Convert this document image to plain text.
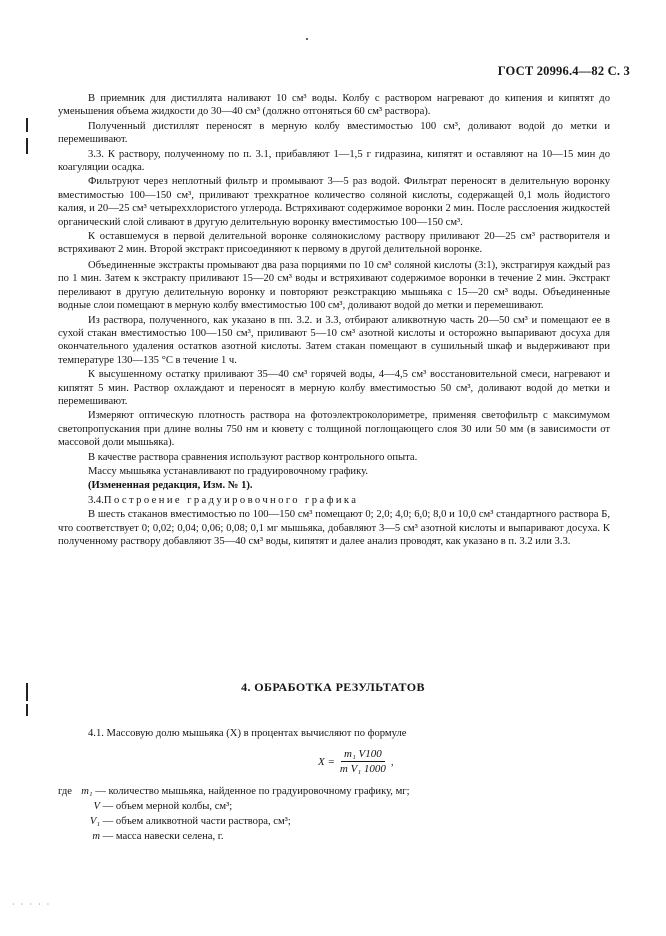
ГОСТ 20996.4—82 С. 3

В приемник для дистиллята наливают 10 см³ воды. Колбу с раствором нагревают до кипения и кипятят до уменьшения объема жидкости до 30—40 см³ (должно отгоняться 60 см³ раствора).

Полученный дистиллят переносят в мерную колбу вместимостью 100 см³, доливают водой до метки и перемешивают.

3.3. К раствору, полученному по п. 3.1, прибавляют 1—1,5 г гидразина, кипятят и оставляют на 10—15 мин до коагуляции осадка.

Фильтруют через неплотный фильтр и промывают 3—5 раз водой. Фильтрат переносят в делительную воронку вместимостью 100—150 см³, приливают трехкратное количество соляной кислоты, содержащей 0,1 моль йодистого калия, и 20—25 см³ четыреххлористого углерода. Встряхивают содержимое воронки 2 мин. После расслоения жидкостей органический слой сливают в другую делительную воронку вместимостью 100—150 см³.

К оставшемуся в первой делительной воронке солянокислому раствору приливают 20—25 см³ растворителя и встряхивают 2 мин. Второй экстракт присоединяют к первому в другой делительной воронке.

Объединенные экстракты промывают два раза порциями по 10 см³ соляной кислоты (3:1), экстрагируя каждый раз по 1 мин. Затем к экстракту приливают 15—20 см³ воды и встряхивают содержимое воронки в течение 2 мин. Экстракт переливают в другую делительную воронку и повторяют реэкстракцию мышьяка с 15—20 см³ воды. Объединенные водные слои помещают в мерную колбу вместимостью 100 см³, доливают водой до метки и перемешивают.

Из раствора, полученного, как указано в пп. 3.2. и 3.3, отбирают аликвотную часть 20—50 см³ и помещают ее в сухой стакан вместимостью 100—150 см³, приливают 5—10 см³ азотной кислоты и осторожно выпаривают досуха для окончательного удаления остатков азотной кислоты. Затем стакан помещают в сушильный шкаф и выдерживают при температуре 130—135 °С в течение 1 ч.

К высушенному остатку приливают 35—40 см³ горячей воды, 4—4,5 см³ восстановительной смеси, нагревают и кипятят 5 мин. Раствор охлаждают и переносят в мерную колбу вместимостью 50 см³, доливают водой до метки и перемешивают.

Измеряют оптическую плотность раствора на фотоэлектроколориметре, применяя светофильтр с максимумом светопропускания при длине волны 750 нм и кювету с толщиной поглощающего слоя 30 или 50 мм (в зависимости от массовой доли мышьяка).

В качестве раствора сравнения используют раствор контрольного опыта.

Массу мышьяка устанавливают по градуировочному графику.

(Измененная редакция, Изм. № 1).

3.4.Построение градуировочного графика

В шесть стаканов вместимостью по 100—150 см³ помещают 0; 2,0; 4,0; 6,0; 8,0 и 10,0 см³ стандартного раствора Б, что соответствует 0; 0,02; 0,04; 0,06; 0,08; 0,1 мг мышьяка, добавляют 3—5 см³ азотной кислоты и выпаривают досуха. К полученному раствору добавляют 35—40 см³ воды, кипятят и далее анализ проводят, как указано в п. 3.2 или 3.3.

4. ОБРАБОТКА РЕЗУЛЬТАТОВ
4.1. Массовую долю мышьяка (X) в процентах вычисляют по формуле
$X = \frac{\text{m₁ V100}}{\text{m V₁ 1000}}$ ,
где m₁ — количество мышьяка, найденное по градуировочному графику, мг;
V — объем мерной колбы, см³;
V₁ — объем аликвотной части раствора, см³;
m — масса навески селена, г.
· · · · ·
